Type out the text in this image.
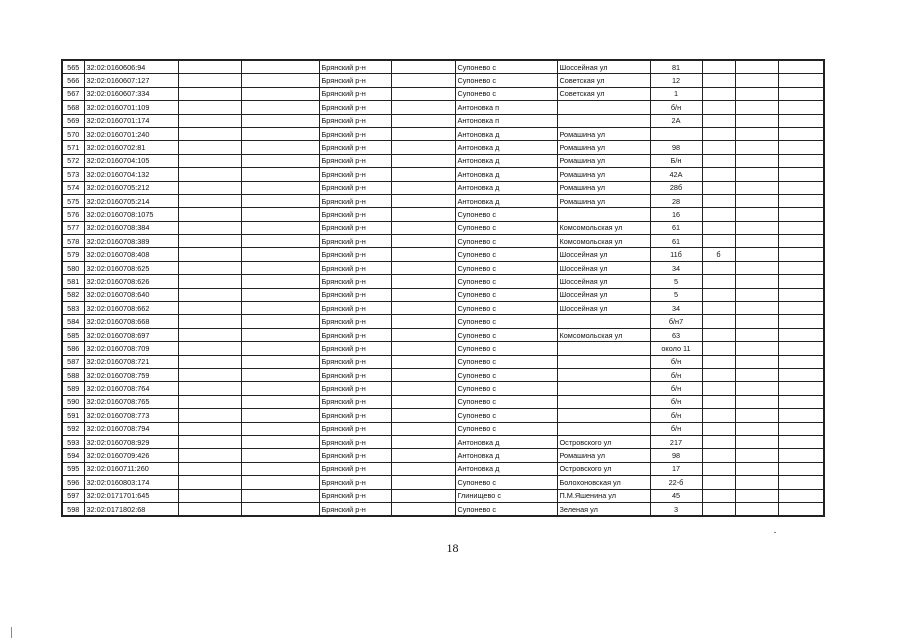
565	32:02:0160606:94			Брянский р-н		Супонево с	Шоссейная ул	81			
566	32:02:0160607:127			Брянский р-н		Супонево с	Советская ул	12			
567	32:02:0160607:334			Брянский р-н		Супонево с	Советская ул	1			
568	32:02:0160701:109			Брянский р-н		Антоновка п		б/н			
569	32:02:0160701:174			Брянский р-н		Антоновка п		2А			
570	32:02:0160701:240			Брянский р-н		Антоновка д	Ромашина ул				
571	32:02:0160702:81			Брянский р-н		Антоновка д	Ромашина ул	98			
572	32:02:0160704:105			Брянский р-н		Антоновка д	Ромашина ул	Б/н			
573	32:02:0160704:132			Брянский р-н		Антоновка д	Ромашина ул	42А			
574	32:02:0160705:212			Брянский р-н		Антоновка д	Ромашина ул	28б			
575	32:02:0160705:214			Брянский р-н		Антоновка д	Ромашина ул	28			
576	32:02:0160708:1075			Брянский р-н		Супонево с		16			
577	32:02:0160708:384			Брянский р-н		Супонево с	Комсомольская ул	61			
578	32:02:0160708:389			Брянский р-н		Супонево с	Комсомольская ул	61			
579	32:02:0160708:408			Брянский р-н		Супонево с	Шоссейная ул	11б	б		
580	32:02:0160708:625			Брянский р-н		Супонево с	Шоссейная ул	34			
581	32:02:0160708:626			Брянский р-н		Супонево с	Шоссейная ул	5			
582	32:02:0160708:640			Брянский р-н		Супонево с	Шоссейная ул	5			
583	32:02:0160708:662			Брянский р-н		Супонево с	Шоссейная ул	34			
584	32:02:0160708:668			Брянский р-н		Супонево с		б/н7			
585	32:02:0160708:697			Брянский р-н		Супонево с	Комсомольская ул	63			
586	32:02:0160708:709			Брянский р-н		Супонево с		около 11			
587	32:02:0160708:721			Брянский р-н		Супонево с		б/н			
588	32:02:0160708:759			Брянский р-н		Супонево с		б/н			
589	32:02:0160708:764			Брянский р-н		Супонево с		б/н			
590	32:02:0160708:765			Брянский р-н		Супонево с		б/н			
591	32:02:0160708:773			Брянский р-н		Супонево с		б/н			
592	32:02:0160708:794			Брянский р-н		Супонево с		б/н			
593	32:02:0160708:929			Брянский р-н		Антоновка д	Островского ул	217			
594	32:02:0160709:426			Брянский р-н		Антоновка д	Ромашина ул	98			
595	32:02:0160711:260			Брянский р-н		Антоновка д	Островского ул	17			
596	32:02:0160803:174			Брянский р-н		Супонево с	Болохоновская ул	22-б			
597	32:02:0171701:645			Брянский р-н		Глинищево с	П.М.Яшенина ул	45			
598	32:02:0171802:68			Брянский р-н		Супонево с	Зеленая ул	3			
18
